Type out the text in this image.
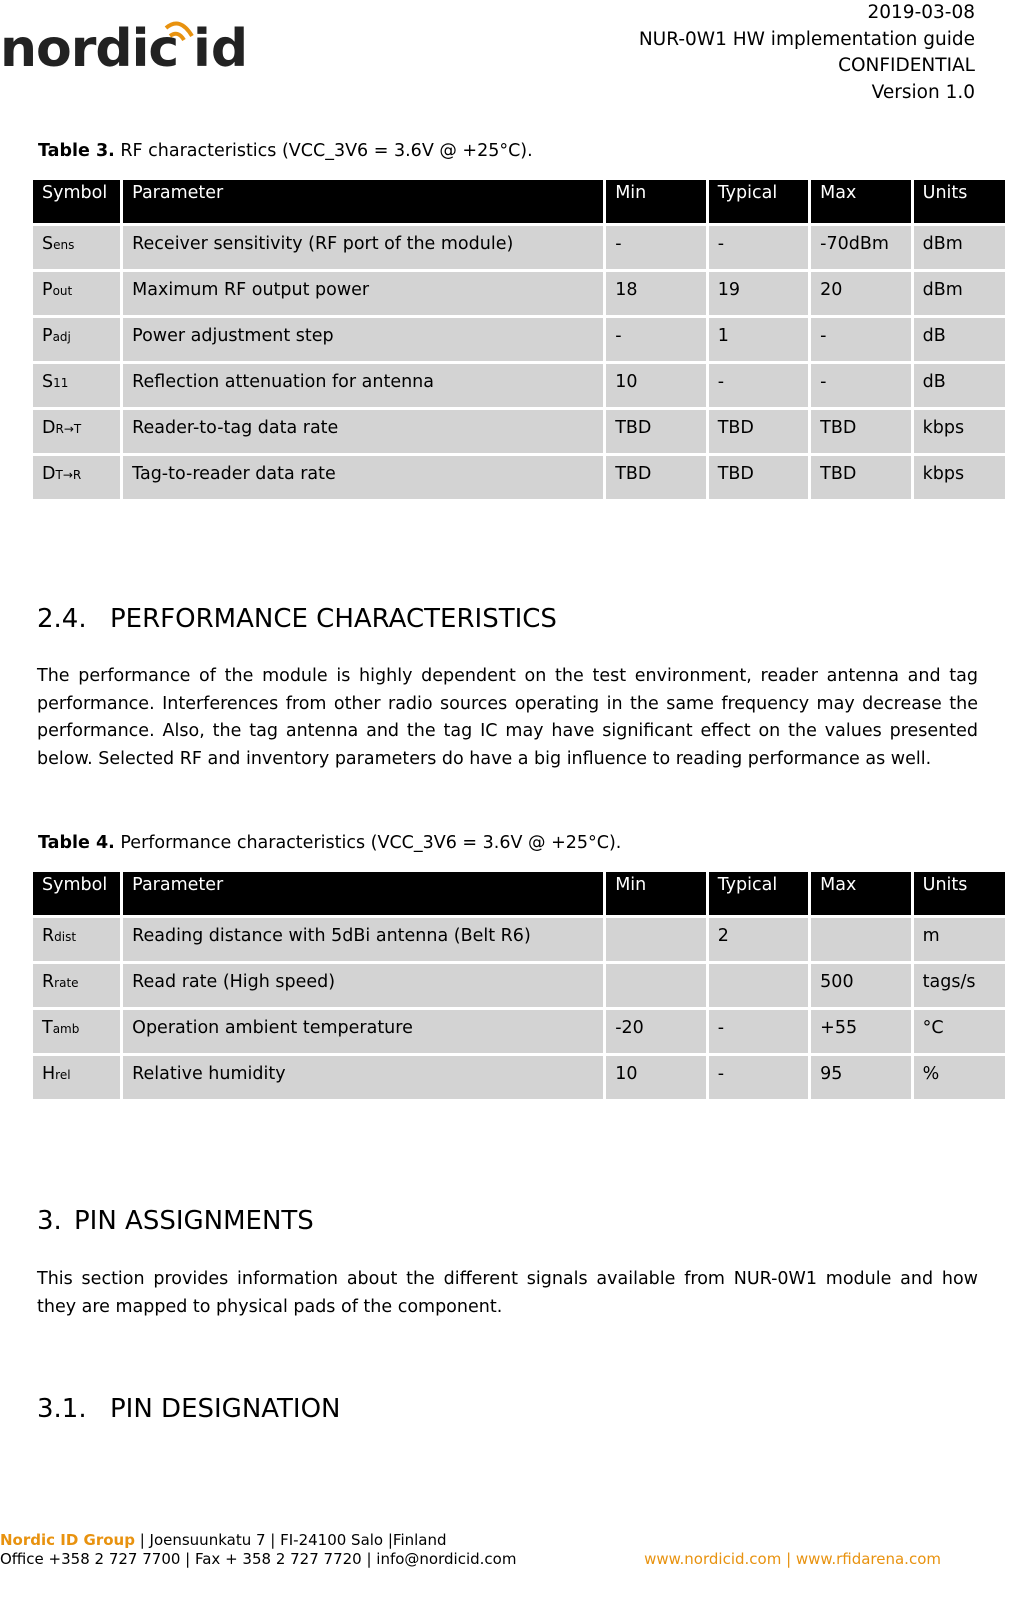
nordic id
2019-03-08
NUR-0W1 HW implementation guide
CONFIDENTIAL
Version 1.0
Table 3. RF characteristics (VCC_3V6 = 3.6V @ +25°C).
Symbol	Parameter	Min	Typical	Max	Units
Sens	Receiver sensitivity (RF port of the module)	-	-	-70dBm	dBm
Pout	Maximum RF output power	18	19	20	dBm
Padj	Power adjustment step	-	1	-	dB
S11	Reflection attenuation for antenna	10	-	-	dB
DR→T	Reader-to-tag data rate	TBD	TBD	TBD	kbps
DT→R	Tag-to-reader data rate	TBD	TBD	TBD	kbps
2.4. PERFORMANCE CHARACTERISTICS

The performance of the module is highly dependent on the test environment, reader antenna and tag performance. Interferences from other radio sources operating in the same frequency may decrease the performance. Also, the tag antenna and the tag IC may have significant effect on the values presented below. Selected RF and inventory parameters do have a big influence to reading performance as well.

Table 4. Performance characteristics (VCC_3V6 = 3.6V @ +25°C).
Symbol	Parameter	Min	Typical	Max	Units
Rdist	Reading distance with 5dBi antenna (Belt R6)		2		m
Rrate	Read rate (High speed)			500	tags/s
Tamb	Operation ambient temperature	-20	-	+55	°C
Hrel	Relative humidity	10	-	95	%
3. PIN ASSIGNMENTS

This section provides information about the different signals available from NUR-0W1 module and how they are mapped to physical pads of the component.

3.1. PIN DESIGNATION
Nordic ID Group | Joensuunkatu 7 | FI-24100 Salo |Finland
Office +358 2 727 7700 | Fax + 358 2 727 7720 | info@nordicid.com	www.nordicid.com | www.rfidarena.com
